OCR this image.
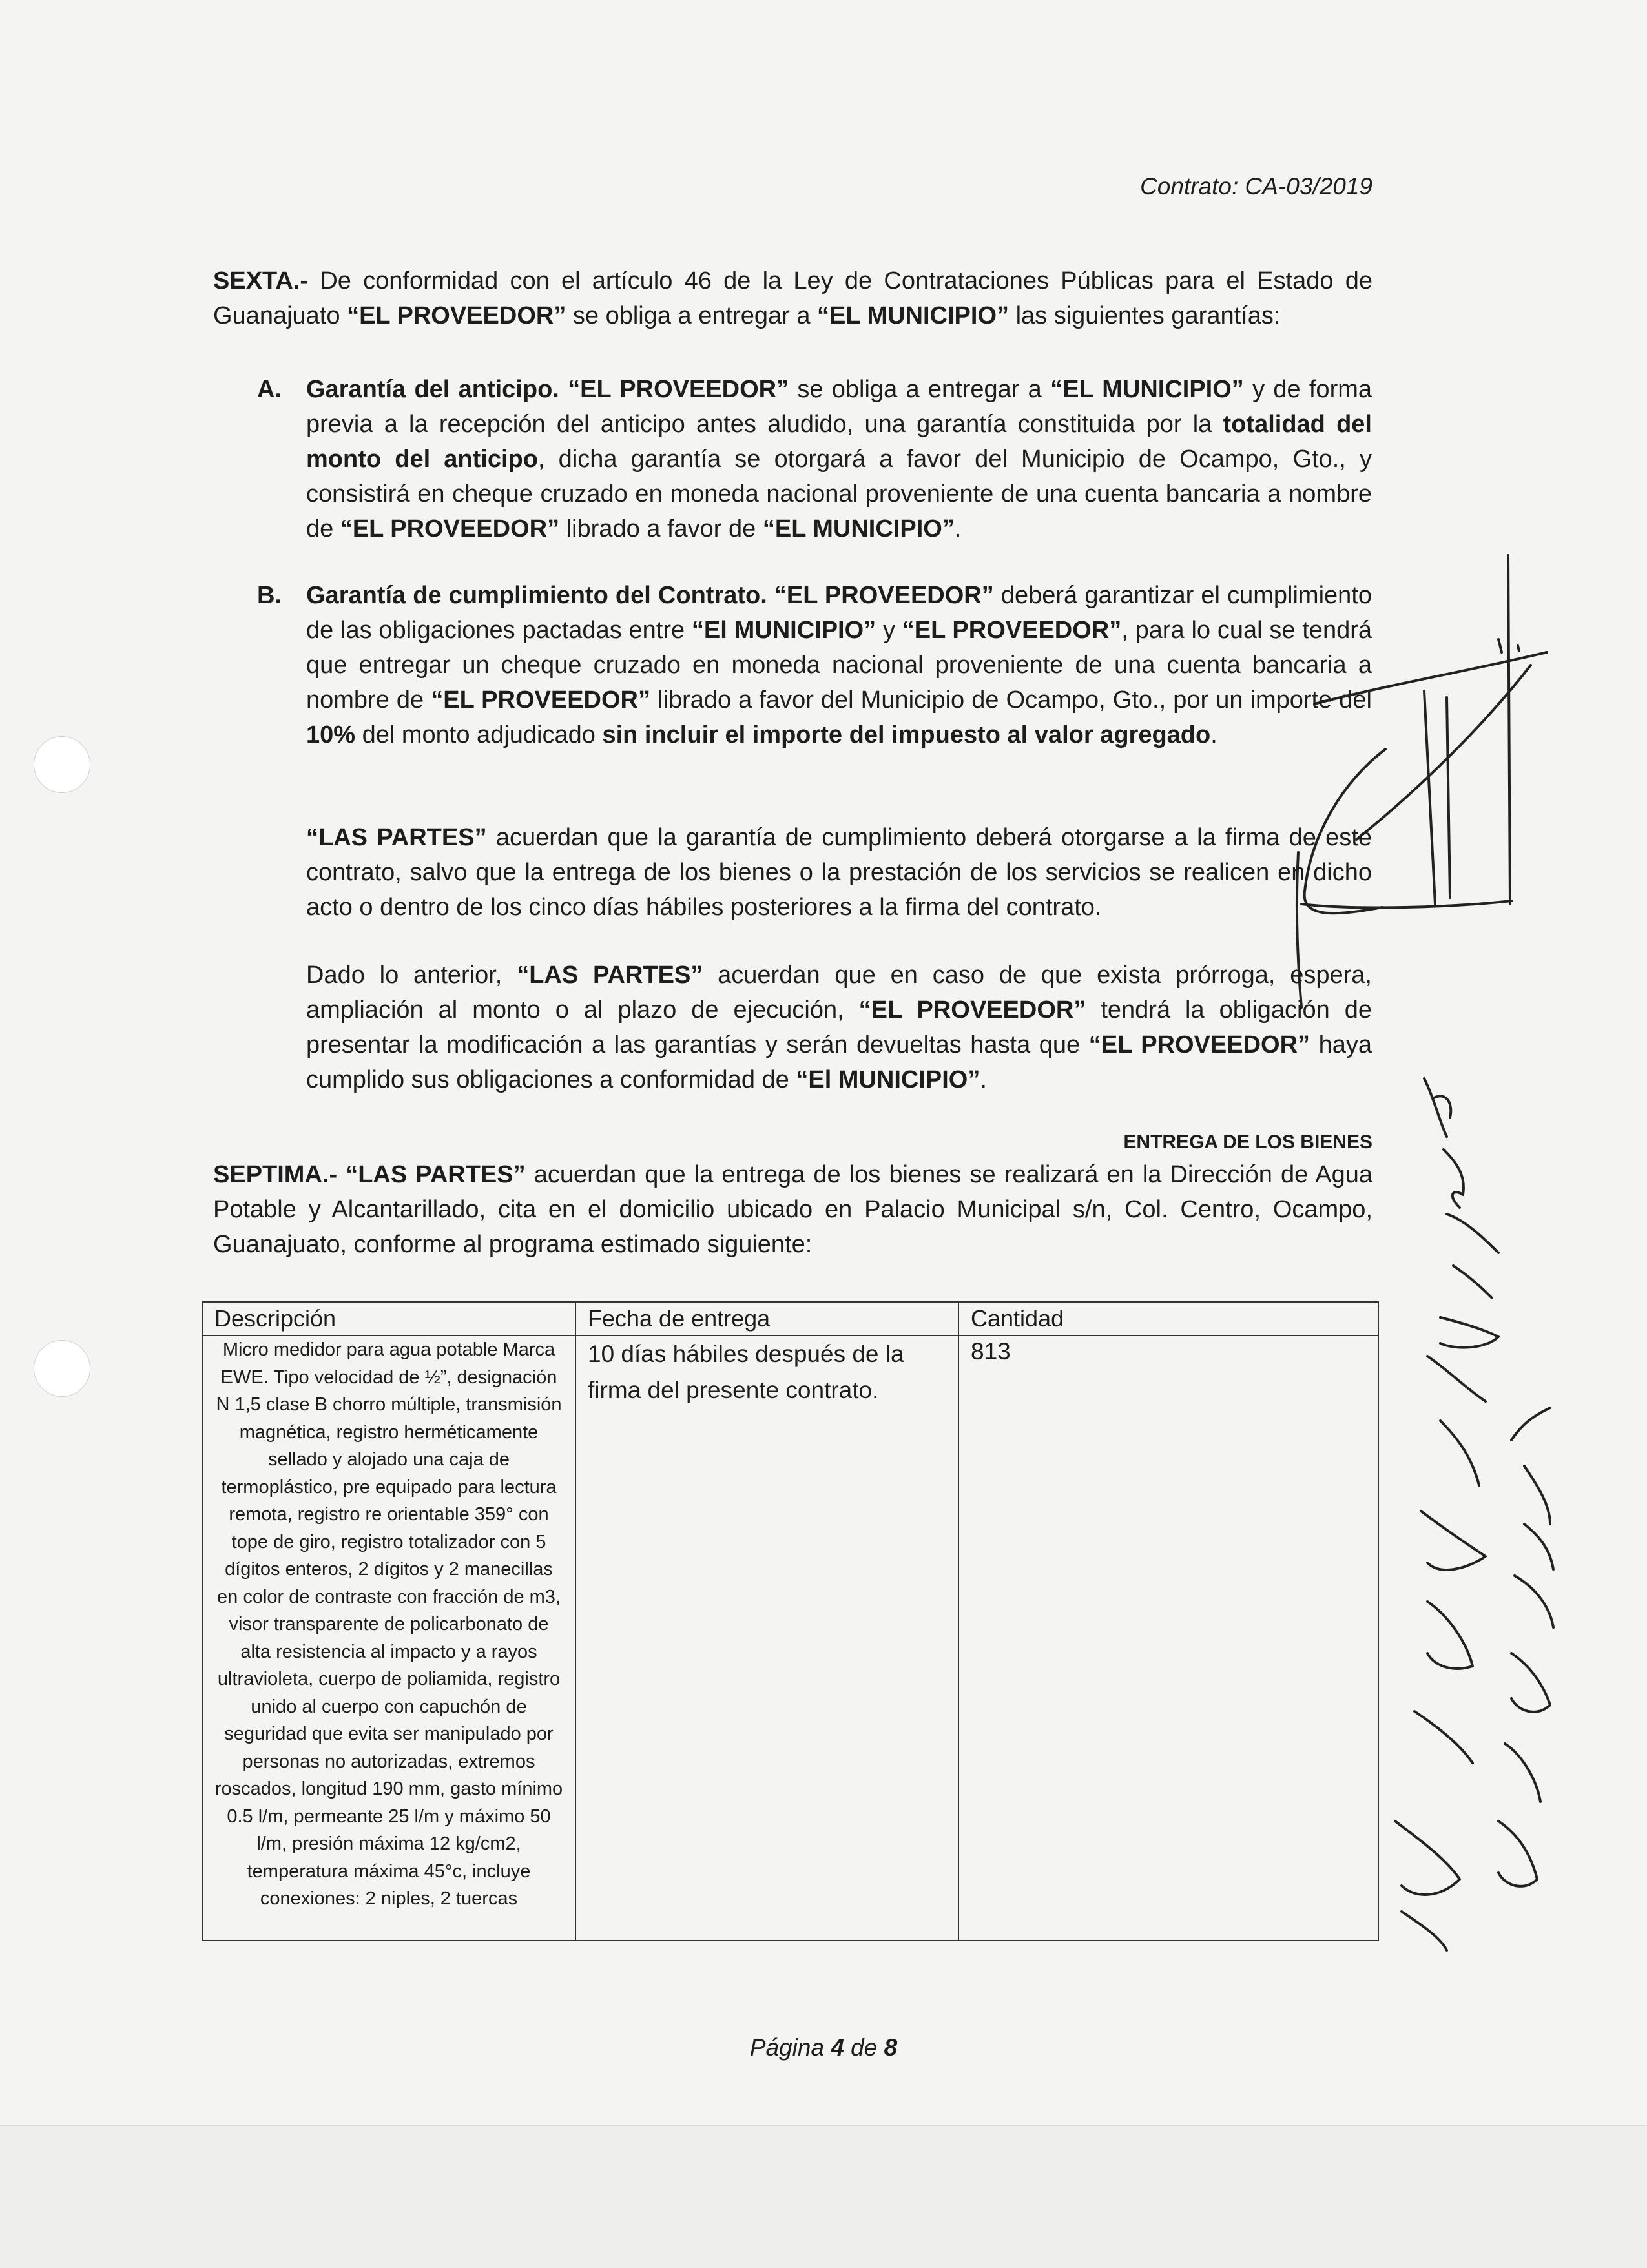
Contrato: CA-03/2019
SEXTA.- De conformidad con el artículo 46 de la Ley de Contrataciones Públicas para el Estado de Guanajuato “EL PROVEEDOR” se obliga a entregar a “EL MUNICIPIO” las siguientes garantías:
A. Garantía del anticipo. “EL PROVEEDOR” se obliga a entregar a “EL MUNICIPIO” y de forma previa a la recepción del anticipo antes aludido, una garantía constituida por la totalidad del monto del anticipo, dicha garantía se otorgará a favor del Municipio de Ocampo, Gto., y consistirá en cheque cruzado en moneda nacional proveniente de una cuenta bancaria a nombre de “EL PROVEEDOR” librado a favor de “EL MUNICIPIO”.
B. Garantía de cumplimiento del Contrato. “EL PROVEEDOR” deberá garantizar el cumplimiento de las obligaciones pactadas entre “El MUNICIPIO” y “EL PROVEEDOR”, para lo cual se tendrá que entregar un cheque cruzado en moneda nacional proveniente de una cuenta bancaria a nombre de “EL PROVEEDOR” librado a favor del Municipio de Ocampo, Gto., por un importe del 10% del monto adjudicado sin incluir el importe del impuesto al valor agregado.
“LAS PARTES” acuerdan que la garantía de cumplimiento deberá otorgarse a la firma de este contrato, salvo que la entrega de los bienes o la prestación de los servicios se realicen en dicho acto o dentro de los cinco días hábiles posteriores a la firma del contrato.
Dado lo anterior, “LAS PARTES” acuerdan que en caso de que exista prórroga, espera, ampliación al monto o al plazo de ejecución, “EL PROVEEDOR” tendrá la obligación de presentar la modificación a las garantías y serán devueltas hasta que “EL PROVEEDOR” haya cumplido sus obligaciones a conformidad de “El MUNICIPIO”.
ENTREGA DE LOS BIENES
SEPTIMA.- “LAS PARTES” acuerdan que la entrega de los bienes se realizará en la Dirección de Agua Potable y Alcantarillado, cita en el domicilio ubicado en Palacio Municipal s/n, Col. Centro, Ocampo, Guanajuato, conforme al programa estimado siguiente:
Descripción	Fecha de entrega	Cantidad
Micro medidor para agua potable Marca EWE. Tipo velocidad de ½”, designación N 1,5 clase B chorro múltiple, transmisión magnética, registro herméticamente sellado y alojado una caja de termoplástico, pre equipado para lectura remota, registro re orientable 359° con tope de giro, registro totalizador con 5 dígitos enteros, 2 dígitos y 2 manecillas en color de contraste con fracción de m3, visor transparente de policarbonato de alta resistencia al impacto y a rayos ultravioleta, cuerpo de poliamida, registro unido al cuerpo con capuchón de seguridad que evita ser manipulado por personas no autorizadas, extremos roscados, longitud 190 mm, gasto mínimo 0.5 l/m, permeante 25 l/m y máximo 50 l/m, presión máxima 12 kg/cm2, temperatura máxima 45°c, incluye conexiones: 2 niples, 2 tuercas	10 días hábiles después de la firma del presente contrato.	813
Página 4 de 8
